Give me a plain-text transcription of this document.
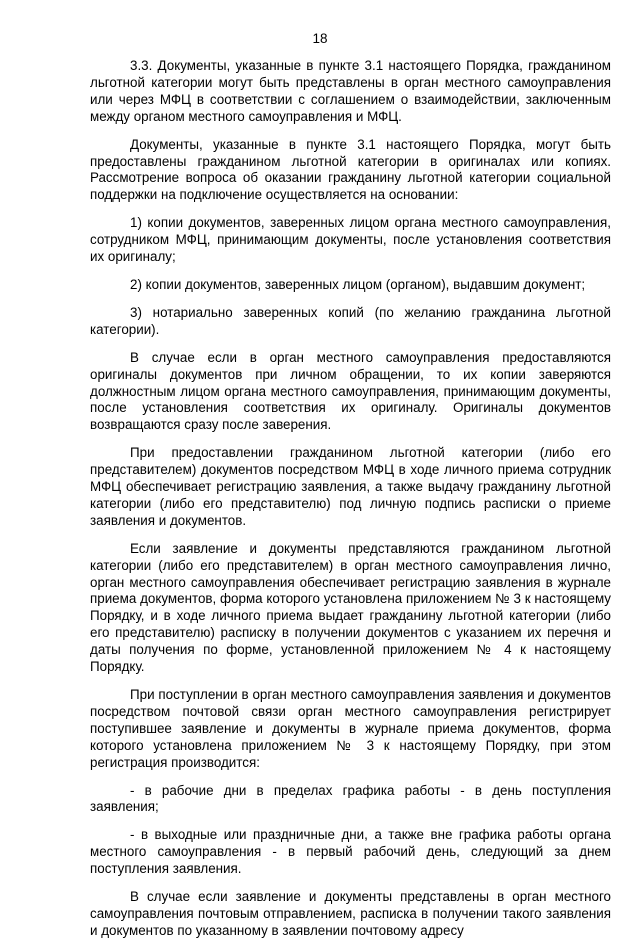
18

3.3. Документы, указанные в пункте 3.1 настоящего Порядка, гражданином льготной категории могут быть представлены в орган местного самоуправления или через МФЦ в соответствии с соглашением о взаимодействии, заключенным между органом местного самоуправления и МФЦ.

Документы, указанные в пункте 3.1 настоящего Порядка, могут быть предоставлены гражданином льготной категории в оригиналах или копиях. Рассмотрение вопроса об оказании гражданину льготной категории социальной поддержки на подключение осуществляется на основании:

1) копии документов, заверенных лицом органа местного самоуправления, сотрудником МФЦ, принимающим документы, после установления соответствия их оригиналу;

2) копии документов, заверенных лицом (органом), выдавшим документ;

3) нотариально заверенных копий (по желанию гражданина льготной категории).

В случае если в орган местного самоуправления предоставляются оригиналы документов при личном обращении, то их копии заверяются должностным лицом органа местного самоуправления, принимающим документы, после установления соответствия их оригиналу. Оригиналы документов возвращаются сразу после заверения.

При предоставлении гражданином льготной категории (либо его представителем) документов посредством МФЦ в ходе личного приема сотрудник МФЦ обеспечивает регистрацию заявления, а также выдачу гражданину льготной категории (либо его представителю) под личную подпись расписки о приеме заявления и документов.

Если заявление и документы представляются гражданином льготной категории (либо его представителем) в орган местного самоуправления лично, орган местного самоуправления обеспечивает регистрацию заявления в журнале приема документов, форма которого установлена приложением № 3 к настоящему Порядку, и в ходе личного приема выдает гражданину льготной категории (либо его представителю) расписку в получении документов с указанием их перечня и даты получения по форме, установленной приложением № 4 к настоящему Порядку.

При поступлении в орган местного самоуправления заявления и документов посредством почтовой связи орган местного самоуправления регистрирует поступившее заявление и документы в журнале приема документов, форма которого установлена приложением № 3 к настоящему Порядку, при этом регистрация производится:

- в рабочие дни в пределах графика работы - в день поступления заявления;

- в выходные или праздничные дни, а также вне графика работы органа местного самоуправления - в первый рабочий день, следующий за днем поступления заявления.

В случае если заявление и документы представлены в орган местного самоуправления почтовым отправлением, расписка в получении такого заявления и документов по указанному в заявлении почтовому адресу
